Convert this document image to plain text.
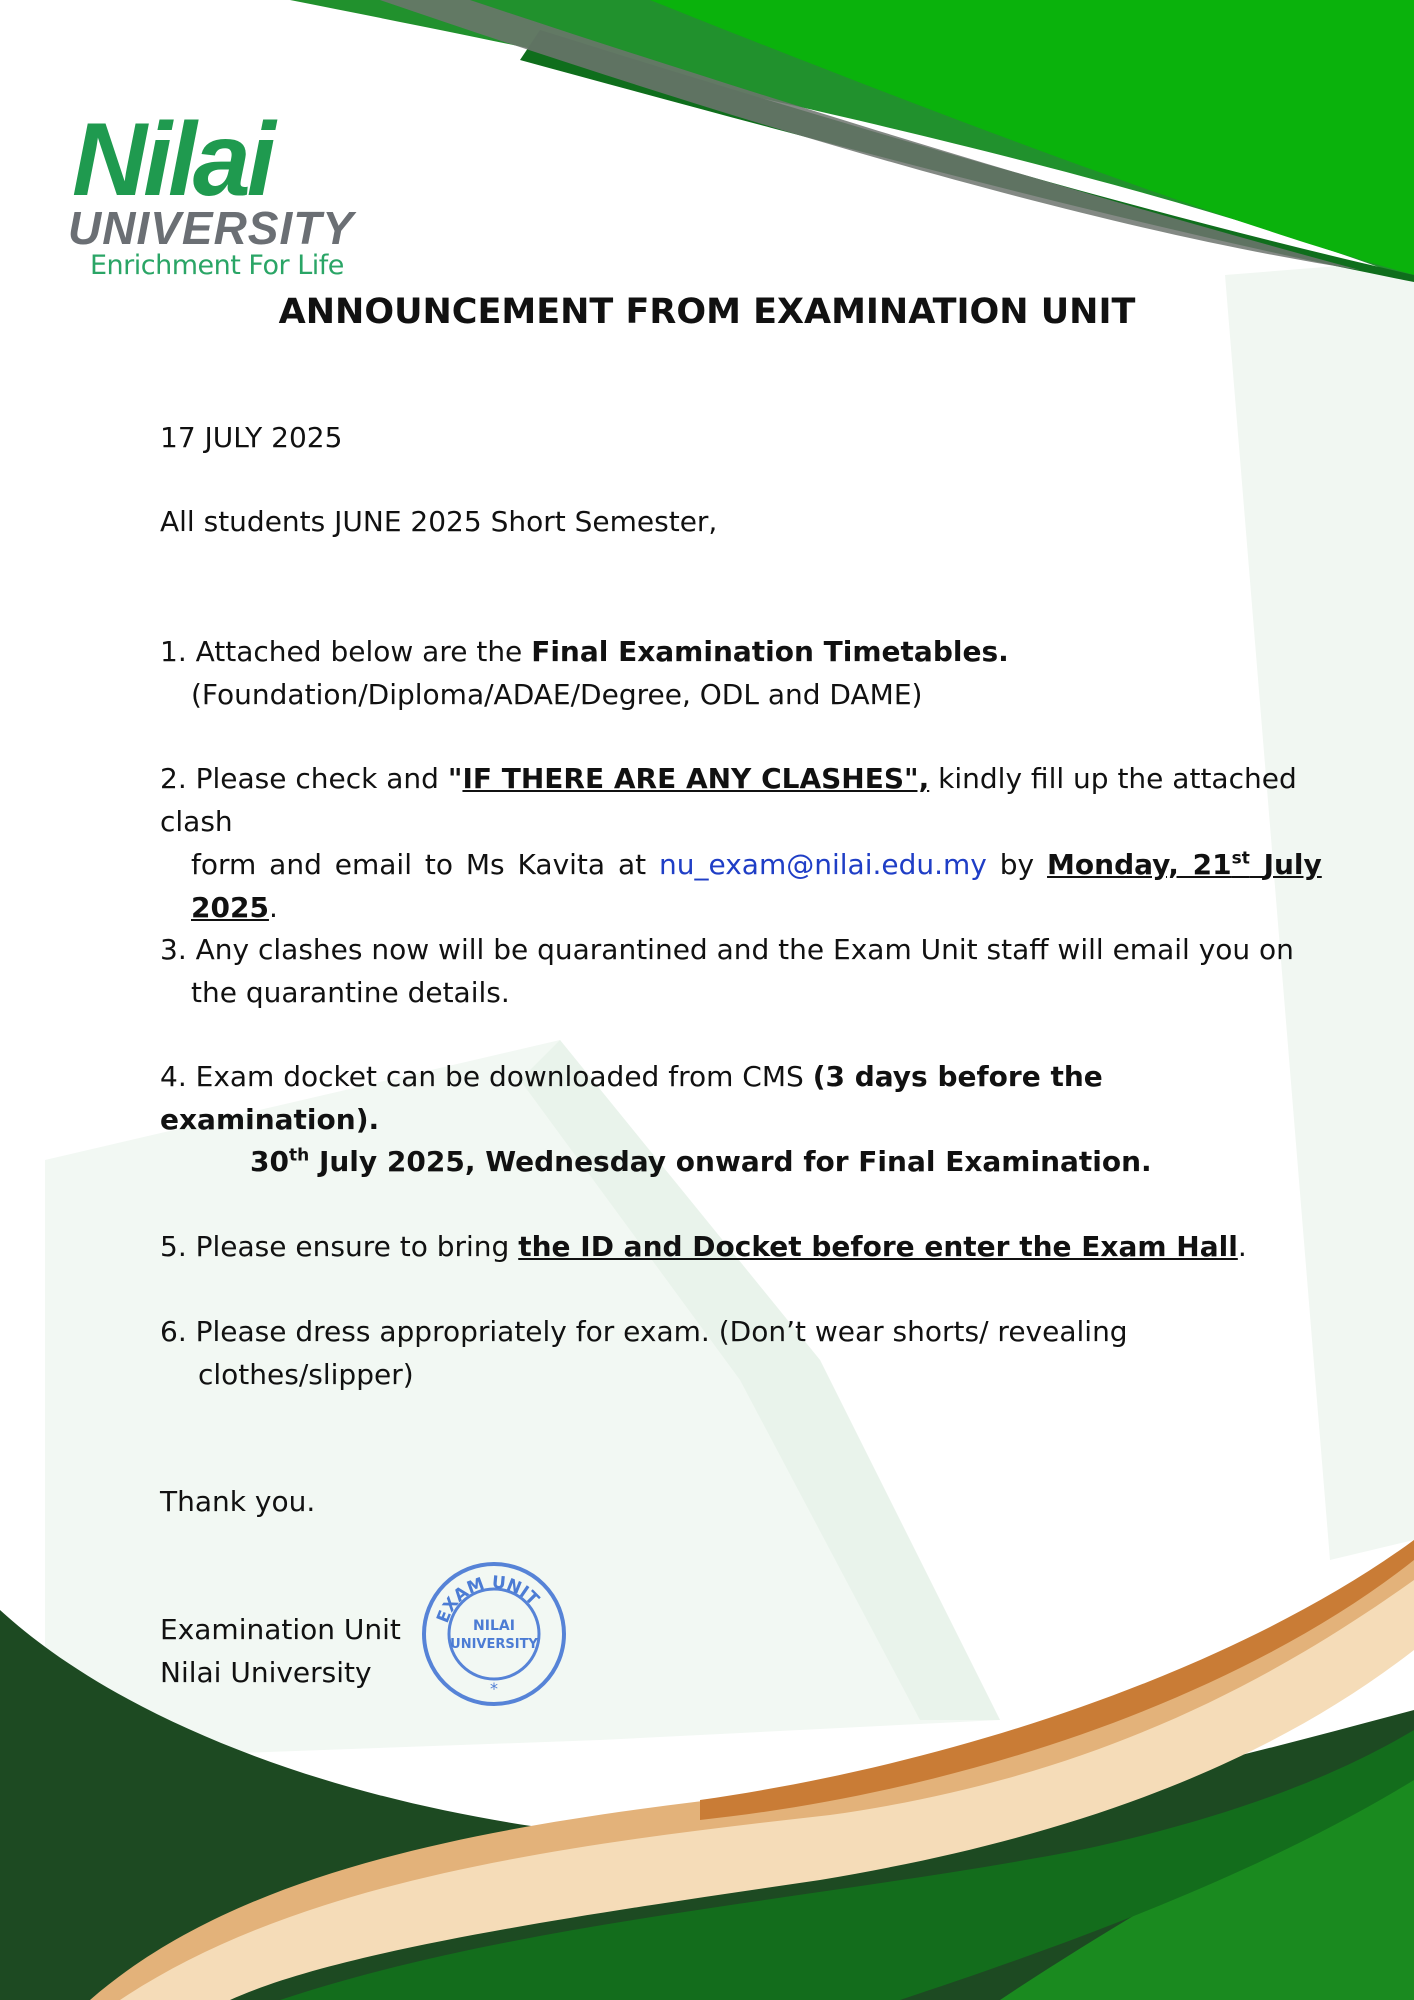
Nilai
UNIVERSITY
Enrichment For Life
ANNOUNCEMENT FROM EXAMINATION UNIT
17 JULY 2025
All students JUNE 2025 Short Semester,
1. Attached below are the Final Examination Timetables.
(Foundation/Diploma/ADAE/Degree, ODL and DAME)
2. Please check and "IF THERE ARE ANY CLASHES", kindly fill up the attached clash
form and email to Ms Kavita at nu_exam@nilai.edu.my by Monday, 21st July
2025.
3. Any clashes now will be quarantined and the Exam Unit staff will email you on
the quarantine details.
4. Exam docket can be downloaded from CMS (3 days before the examination).
30th July 2025, Wednesday onward for Final Examination.
5. Please ensure to bring the ID and Docket before enter the Exam Hall.
6. Please dress appropriately for exam. (Don’t wear shorts/ revealing
clothes/slipper)
Thank you.
Examination Unit
Nilai University
EXAM UNIT
NILAI
UNIVERSITY
*
